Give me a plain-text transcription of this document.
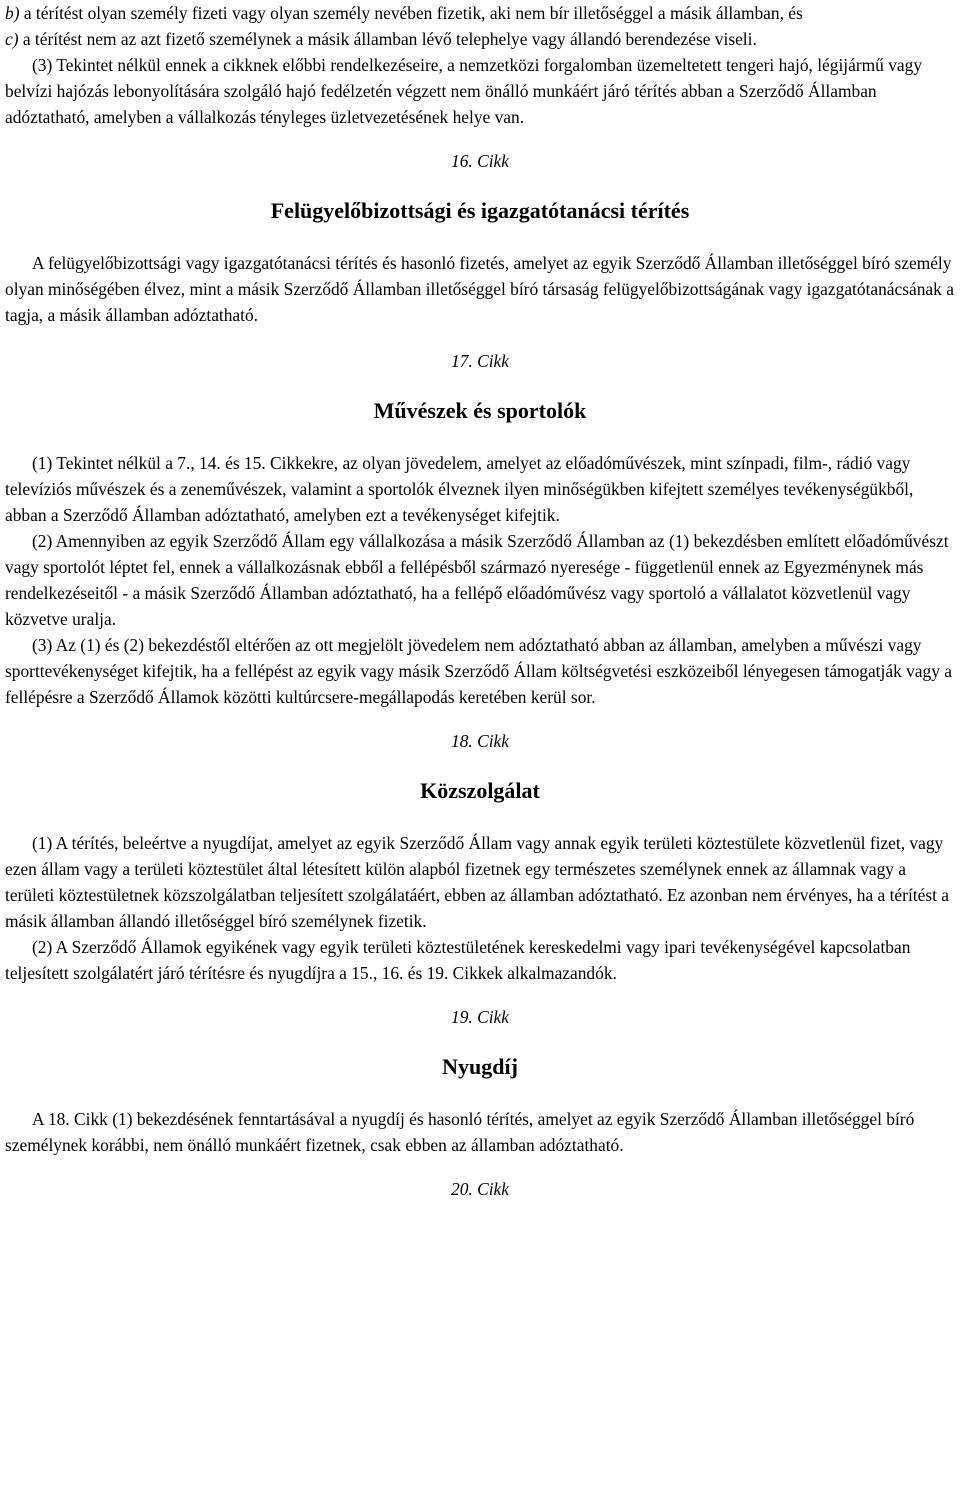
b) a térítést olyan személy fizeti vagy olyan személy nevében fizetik, aki nem bír illetőséggel a másik államban, és

c) a térítést nem az azt fizető személynek a másik államban lévő telephelye vagy állandó berendezése viseli.

(3) Tekintet nélkül ennek a cikknek előbbi rendelkezéseire, a nemzetközi forgalomban üzemeltetett tengeri hajó, légijármű vagy belvízi hajózás lebonyolítására szolgáló hajó fedélzetén végzett nem önálló munkáért járó térítés abban a Szerződő Államban adóztatható, amelyben a vállalkozás tényleges üzletvezetésének helye van.

16. Cikk

Felügyelőbizottsági és igazgatótanácsi térítés

A felügyelőbizottsági vagy igazgatótanácsi térítés és hasonló fizetés, amelyet az egyik Szerződő Államban illetőséggel bíró személy olyan minőségében élvez, mint a másik Szerződő Államban illetőséggel bíró társaság felügyelőbizottságának vagy igazgatótanácsának a tagja, a másik államban adóztatható.

17. Cikk

Művészek és sportolók

(1) Tekintet nélkül a 7., 14. és 15. Cikkekre, az olyan jövedelem, amelyet az előadóművészek, mint színpadi, film-, rádió vagy televíziós művészek és a zeneművészek, valamint a sportolók élveznek ilyen minőségükben kifejtett személyes tevékenységükből, abban a Szerződő Államban adóztatható, amelyben ezt a tevékenységet kifejtik.

(2) Amennyiben az egyik Szerződő Állam egy vállalkozása a másik Szerződő Államban az (1) bekezdésben említett előadóművészt vagy sportolót léptet fel, ennek a vállalkozásnak ebből a fellépésből származó nyeresége - függetlenül ennek az Egyezménynek más rendelkezéseitől - a másik Szerződő Államban adóztatható, ha a fellépő előadóművész vagy sportoló a vállalatot közvetlenül vagy közvetve uralja.

(3) Az (1) és (2) bekezdéstől eltérően az ott megjelölt jövedelem nem adóztatható abban az államban, amelyben a művészi vagy sporttevékenységet kifejtik, ha a fellépést az egyik vagy másik Szerződő Állam költségvetési eszközeiből lényegesen támogatják vagy a fellépésre a Szerződő Államok közötti kultúrcsere-megállapodás keretében kerül sor.

18. Cikk

Közszolgálat

(1) A térítés, beleértve a nyugdíjat, amelyet az egyik Szerződő Állam vagy annak egyik területi köztestülete közvetlenül fizet, vagy ezen állam vagy a területi köztestület által létesített külön alapból fizetnek egy természetes személynek ennek az államnak vagy a területi köztestületnek közszolgálatban teljesített szolgálatáért, ebben az államban adóztatható. Ez azonban nem érvényes, ha a térítést a másik államban állandó illetőséggel bíró személynek fizetik.

(2) A Szerződő Államok egyikének vagy egyik területi köztestületének kereskedelmi vagy ipari tevékenységével kapcsolatban teljesített szolgálatért járó térítésre és nyugdíjra a 15., 16. és 19. Cikkek alkalmazandók.

19. Cikk

Nyugdíj

A 18. Cikk (1) bekezdésének fenntartásával a nyugdíj és hasonló térítés, amelyet az egyik Szerződő Államban illetőséggel bíró személynek korábbi, nem önálló munkáért fizetnek, csak ebben az államban adóztatható.

20. Cikk
